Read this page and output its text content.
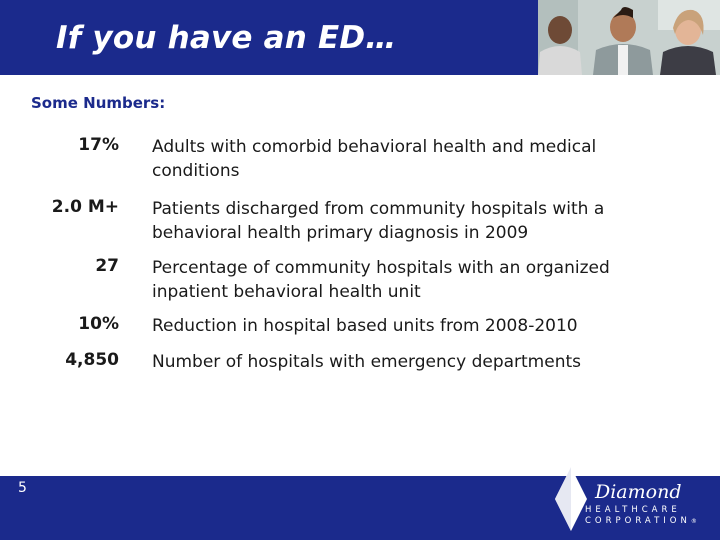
If you have an ED…

Some Numbers:

17% Adults with comorbid behavioral health and medical conditions
2.0 M+ Patients discharged from community hospitals with a behavioral health primary diagnosis in 2009
27 Percentage of community hospitals with an organized inpatient behavioral health unit
10% Reduction in hospital based units from 2008-2010
4,850 Number of hospitals with emergency departments
5	Diamond
HEALTHCARE
CORPORATION®
